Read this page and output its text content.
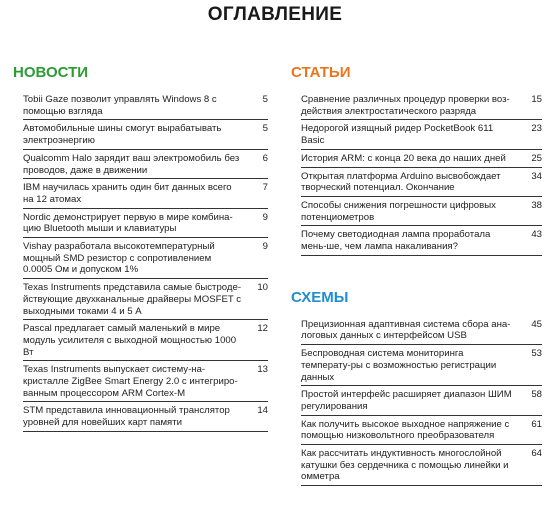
ОГЛАВЛЕНИЕ
НОВОСТИ
Tobii Gaze позволит управлять Windows 8 с помощью взгляда
5
Автомобильные шины смогут вырабатывать электроэнергию
5
Qualcomm Halo зарядит ваш электромобиль без проводов, даже в движении
6
IBM научилась хранить один бит данных всего на 12 атомах
7
Nordic демонстрирует первую в мире комбина-цию Bluetooth мыши и клавиатуры
9
Vishay разработала высокотемпературный мощный SMD резистор с сопротивлением 0.0005 Ом и допуском 1%
9
Texas Instruments представила самые быстроде-йствующие двухканальные драйверы MOSFET с выходными токами 4 и 5 А
10
Pascal предлагает самый маленький в мире модуль усилителя с выходной мощностью 1000 Вт
12
Texas Instruments выпускает систему-на-кристалле ZigBee Smart Energy 2.0 с интегриро-ванным процессором ARM Cortex-M
13
STM представила инновационный транслятор уровней для новейших карт памяти
14
СТАТЬИ
Сравнение различных процедур проверки воз-действия электростатического разряда
15
Недорогой изящный ридер PocketBook 611 Basic
23
История ARM: с конца 20 века до наших дней	25
Открытая платформа Arduino высвобождает творческий потенциал. Окончание
34
Способы снижения погрешности цифровых потенциометров
38
Почему светодиодная лампа проработала мень-ше, чем лампа накаливания?
43
СХЕМЫ
Прецизионная адаптивная система сбора ана-логовых данных с интерфейсом USB
45
Беспроводная система мониторинга температу-ры с возможностью регистрации данных
53
Простой интерфейс расширяет диапазон ШИМ регулирования
58
Как получить высокое выходное напряжение с помощью низковольтного преобразователя
61
Как рассчитать индуктивность многослойной катушки без сердечника с помощью линейки и омметра
64
